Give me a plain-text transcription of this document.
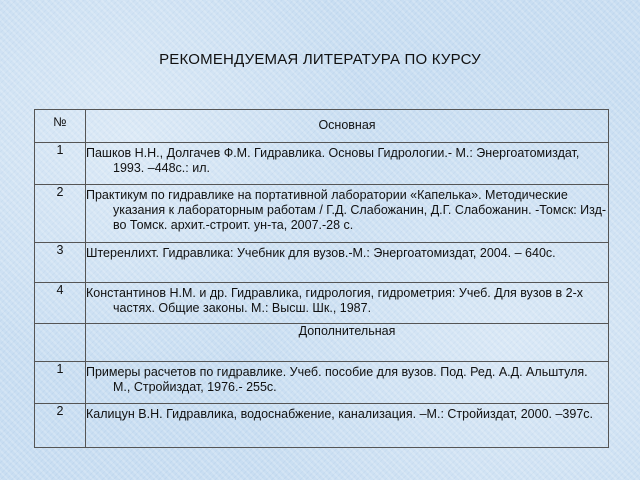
РЕКОМЕНДУЕМАЯ ЛИТЕРАТУРА ПО КУРСУ
№	Основная
1	Пашков Н.Н., Долгачев Ф.М. Гидравлика. Основы Гидрологии.- М.: Энергоатомиздат, 1993. –448с.: ил.

2	Практикум по гидравлике на портативной лаборатории «Капелька». Методические указания к лабораторным работам / Г.Д. Слабожанин, Д.Г. Слабожанин. -Томск: Изд-во Томск. архит.-строит. ун-та, 2007.-28 с.

3	Штеренлихт. Гидравлика: Учебник для вузов.-М.: Энергоатомиздат, 2004. – 640с.

4	Константинов Н.М. и др. Гидравлика, гидрология, гидрометрия: Учеб. Для вузов в 2-х частях. Общие законы. М.: Высш. Шк., 1987.

	Дополнительная
1	Примеры расчетов по гидравлике. Учеб. пособие для вузов. Под. Ред. А.Д. Альштуля. М., Стройиздат, 1976.- 255с.

2	Калицун В.Н. Гидравлика, водоснабжение, канализация. –М.: Стройиздат, 2000. –397с.
